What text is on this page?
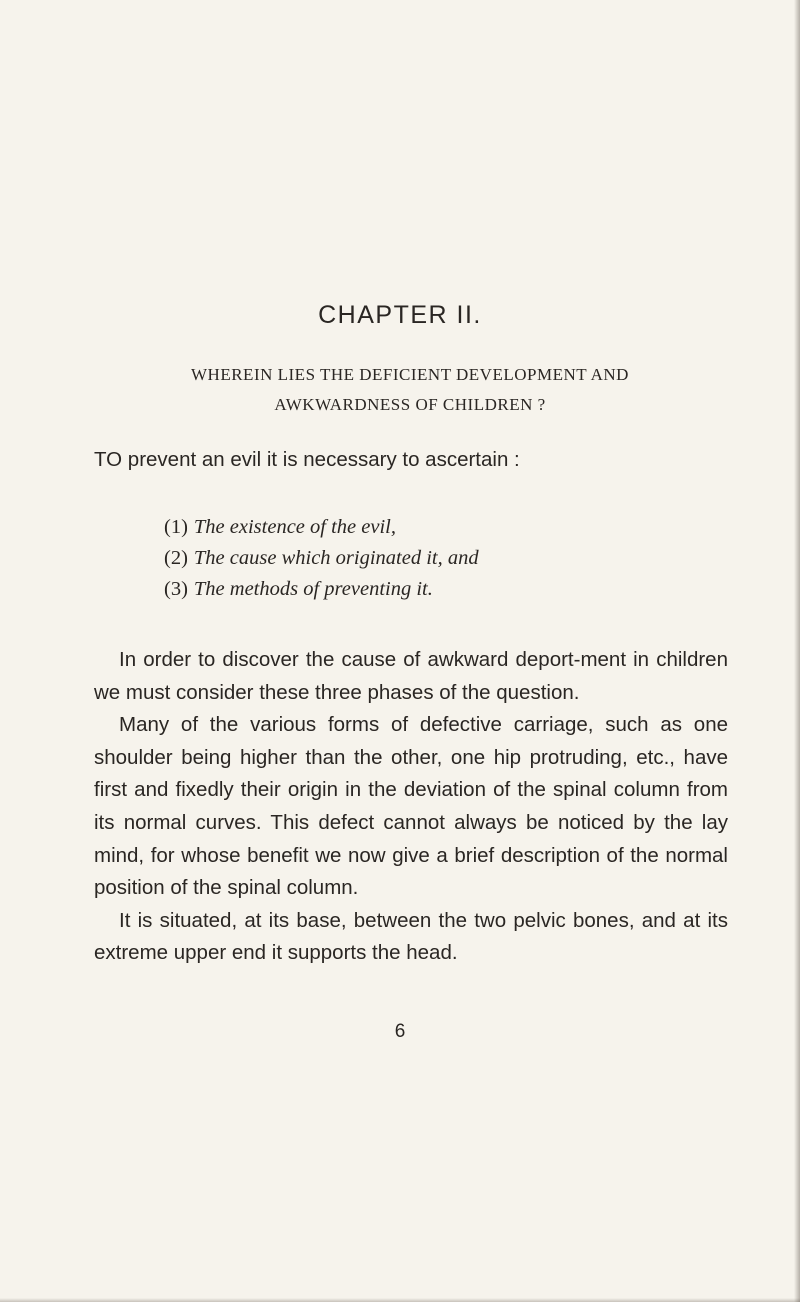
CHAPTER II.
WHEREIN LIES THE DEFICIENT DEVELOPMENT AND
AWKWARDNESS OF CHILDREN ?
TO prevent an evil it is necessary to ascertain :
(1) The existence of the evil,
(2) The cause which originated it, and
(3) The methods of preventing it.

In order to discover the cause of awkward deport-ment in children we must consider these three phases of the question.

Many of the various forms of defective carriage, such as one shoulder being higher than the other, one hip protruding, etc., have first and fixedly their origin in the deviation of the spinal column from its normal curves. This defect cannot always be noticed by the lay mind, for whose benefit we now give a brief description of the normal position of the spinal column.

It is situated, at its base, between the two pelvic bones, and at its extreme upper end it supports the head.

6
